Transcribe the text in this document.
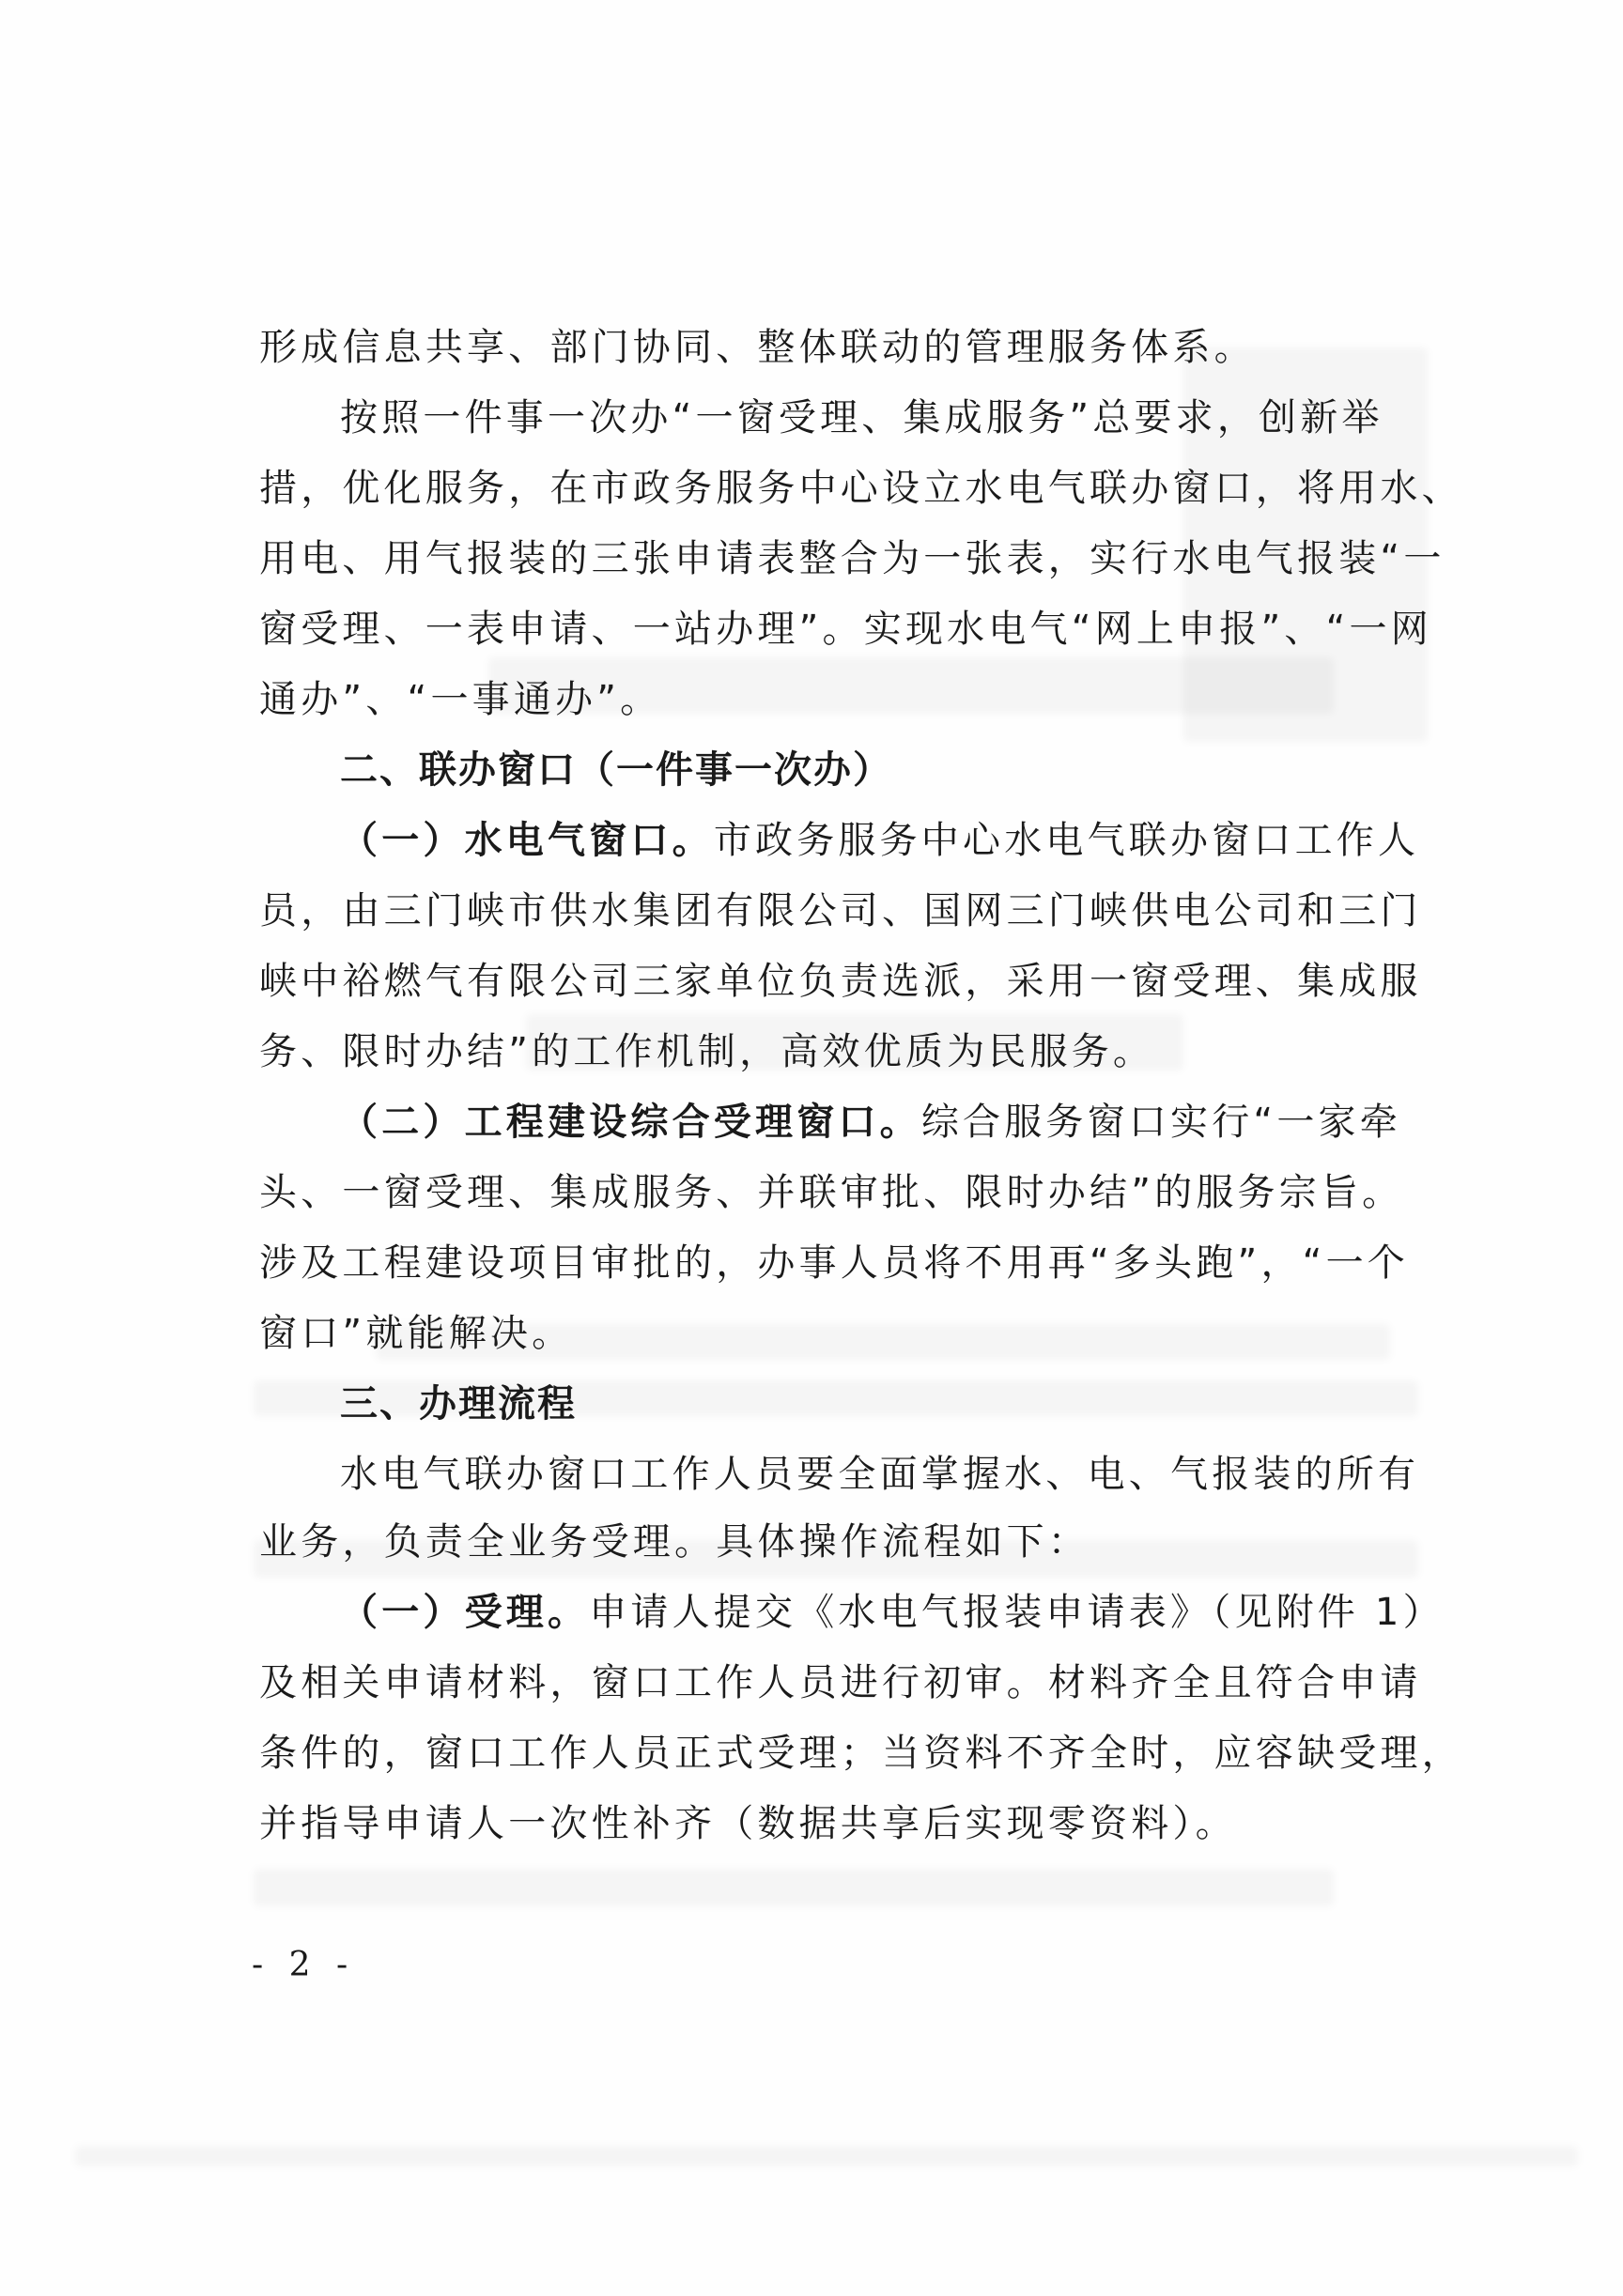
形成信息共享、部门协同、整体联动的管理服务体系。
按照一件事一次办“一窗受理、集成服务”总要求，创新举
措，优化服务，在市政务服务中心设立水电气联办窗口，将用水、
用电、用气报装的三张申请表整合为一张表，实行水电气报装“一
窗受理、一表申请、一站办理”。实现水电气“网上申报”、“一网
通办”、“一事通办”。
二、联办窗口（一件事一次办）
（一）水电气窗口。市政务服务中心水电气联办窗口工作人
员，由三门峡市供水集团有限公司、国网三门峡供电公司和三门
峡中裕燃气有限公司三家单位负责选派，采用一窗受理、集成服
务、限时办结”的工作机制，高效优质为民服务。
（二）工程建设综合受理窗口。综合服务窗口实行“一家牵
头、一窗受理、集成服务、并联审批、限时办结”的服务宗旨。
涉及工程建设项目审批的，办事人员将不用再“多头跑”，“一个
窗口”就能解决。
三、办理流程
水电气联办窗口工作人员要全面掌握水、电、气报装的所有
业务，负责全业务受理。具体操作流程如下：
（一）受理。申请人提交《水电气报装申请表》（见附件 1）
及相关申请材料，窗口工作人员进行初审。材料齐全且符合申请
条件的，窗口工作人员正式受理；当资料不齐全时，应容缺受理，
并指导申请人一次性补齐（数据共享后实现零资料）。
- 2 -
